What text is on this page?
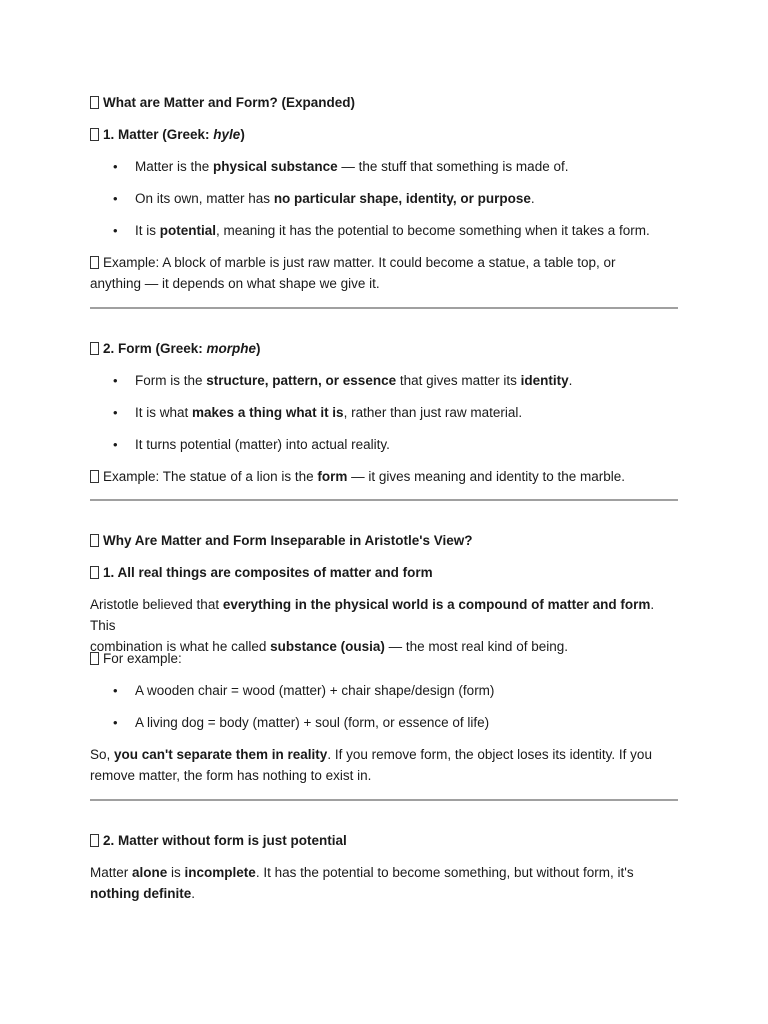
What are Matter and Form? (Expanded)

1. Matter (Greek: hyle)

• Matter is the physical substance — the stuff that something is made of.
• On its own, matter has no particular shape, identity, or purpose.
• It is potential, meaning it has the potential to become something when it takes a form.

Example: A block of marble is just raw matter. It could become a statue, a table top, or
anything — it depends on what shape we give it.

2. Form (Greek: morphe)

• Form is the structure, pattern, or essence that gives matter its identity.
• It is what makes a thing what it is, rather than just raw material.
• It turns potential (matter) into actual reality.

Example: The statue of a lion is the form — it gives meaning and identity to the marble.

Why Are Matter and Form Inseparable in Aristotle's View?

1. All real things are composites of matter and form

Aristotle believed that everything in the physical world is a compound of matter and form. This
combination is what he called substance (ousia) — the most real kind of being.

For example:

• A wooden chair = wood (matter) + chair shape/design (form)
• A living dog = body (matter) + soul (form, or essence of life)

So, you can't separate them in reality. If you remove form, the object loses its identity. If you
remove matter, the form has nothing to exist in.

2. Matter without form is just potential

Matter alone is incomplete. It has the potential to become something, but without form, it's
nothing definite.
